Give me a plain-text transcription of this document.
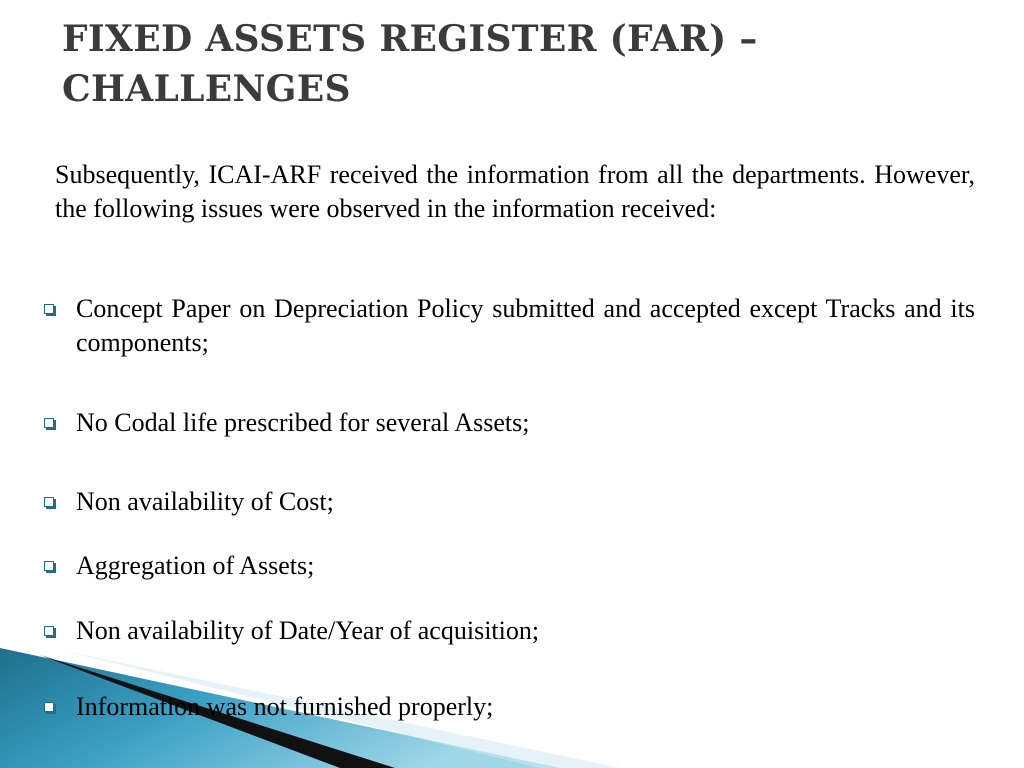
FIXED ASSETS REGISTER (FAR) –
CHALLENGES

Subsequently, ICAI-ARF received the information from all the departments. However, the following issues were observed in the information received:

Concept Paper on Depreciation Policy submitted and accepted except Tracks and its components;
No Codal life prescribed for several Assets;
Non availability of Cost;
Aggregation of Assets;
Non availability of Date/Year of acquisition;
Information was not furnished properly;
